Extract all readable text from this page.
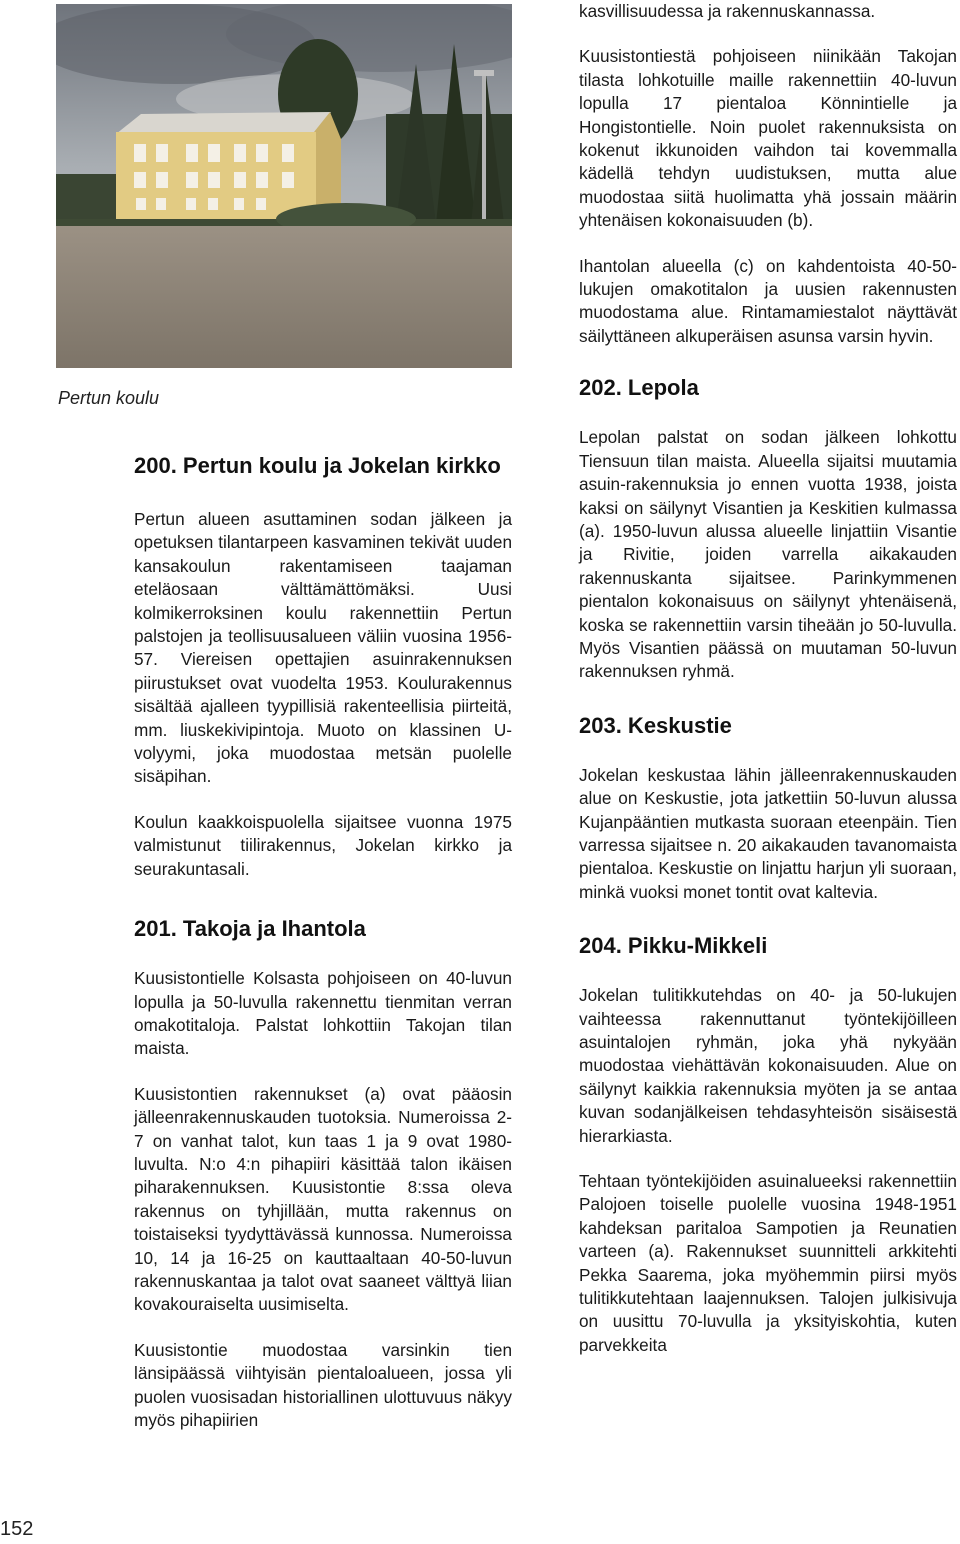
Pertun koulu
200. Pertun koulu ja Jokelan kirkko

Pertun alueen asuttaminen sodan jälkeen ja opetuksen tilantarpeen kasvaminen tekivät uuden kansakoulun rakentamiseen taajaman eteläosaan välttämättömäksi. Uusi kolmikerroksinen koulu rakennettiin Pertun palstojen ja teollisuusalueen väliin vuosina 1956-57. Viereisen opettajien asuinrakennuksen piirustukset ovat vuodelta 1953. Koulurakennus sisältää ajalleen tyypillisiä rakenteellisia piirteitä, mm. liuskekivipintoja. Muoto on klassinen U-volyymi, joka muodostaa metsän puolelle sisäpihan.

Koulun kaakkoispuolella sijaitsee vuonna 1975 valmistunut tiilirakennus, Jokelan kirkko ja seurakuntasali.

201. Takoja ja Ihantola

Kuusistontielle Kolsasta pohjoiseen on 40-luvun lopulla ja 50-luvulla rakennettu tienmitan verran omakotitaloja. Palstat lohkottiin Takojan tilan maista.

Kuusistontien rakennukset (a) ovat pääosin jälleenrakennuskauden tuotoksia. Numeroissa 2-7 on vanhat talot, kun taas 1 ja 9 ovat 1980-luvulta. N:o 4:n pihapiiri käsittää talon ikäisen piharakennuksen. Kuusistontie 8:ssa oleva rakennus on tyhjillään, mutta rakennus on toistaiseksi tyydyttävässä kunnossa. Numeroissa 10, 14 ja 16-25 on kauttaaltaan 40-50-luvun rakennuskantaa ja talot ovat saaneet välttyä liian kovakouraiselta uusimiselta.

Kuusistontie muodostaa varsinkin tien länsipäässä viihtyisän pientaloalueen, jossa yli puolen vuosisadan historiallinen ulottuvuus näkyy myös pihapiirien

kasvillisuudessa ja rakennuskannassa.

Kuusistontiestä pohjoiseen niinikään Takojan tilasta lohkotuille maille rakennettiin 40-luvun lopulla 17 pientaloa Könnintielle ja Hongistontielle. Noin puolet rakennuksista on kokenut ikkunoiden vaihdon tai kovemmalla kädellä tehdyn uudistuksen, mutta alue muodostaa siitä huolimatta yhä jossain määrin yhtenäisen kokonaisuuden (b).

Ihantolan alueella (c) on kahdentoista 40-50-lukujen omakotitalon ja uusien rakennusten muodostama alue. Rintamamiestalot näyttävät säilyttäneen alkuperäisen asunsa varsin hyvin.

202. Lepola

Lepolan palstat on sodan jälkeen lohkottu Tiensuun tilan maista. Alueella sijaitsi muutamia asuin-rakennuksia jo ennen vuotta 1938, joista kaksi on säilynyt Visantien ja Keskitien kulmassa (a). 1950-luvun alussa alueelle linjattiin Visantie ja Rivitie, joiden varrella aikakauden rakennuskanta sijaitsee. Parinkymmenen pientalon kokonaisuus on säilynyt yhtenäisenä, koska se rakennettiin varsin tiheään jo 50-luvulla. Myös Visantien päässä on muutaman 50-luvun rakennuksen ryhmä.

203. Keskustie

Jokelan keskustaa lähin jälleenrakennuskauden alue on Keskustie, jota jatkettiin 50-luvun alussa Kujanpääntien mutkasta suoraan eteenpäin. Tien varressa sijaitsee n. 20 aikakauden tavanomaista pientaloa. Keskustie on linjattu harjun yli suoraan, minkä vuoksi monet tontit ovat kaltevia.

204. Pikku-Mikkeli

Jokelan tulitikkutehdas on 40- ja 50-lukujen vaihteessa rakennuttanut työntekijöilleen asuintalojen ryhmän, joka yhä nykyään muodostaa viehättävän kokonaisuuden. Alue on säilynyt kaikkia rakennuksia myöten ja se antaa kuvan sodanjälkeisen tehdasyhteisön sisäisestä hierarkiasta.

Tehtaan työntekijöiden asuinalueeksi rakennettiin Palojoen toiselle puolelle vuosina 1948-1951 kahdeksan paritaloa Sampotien ja Reunatien varteen (a). Rakennukset suunnitteli arkkitehti Pekka Saarema, joka myöhemmin piirsi myös tulitikkutehtaan laajennuksen. Talojen julkisivuja on uusittu 70-luvulla ja yksityiskohtia, kuten parvekkeita

152
